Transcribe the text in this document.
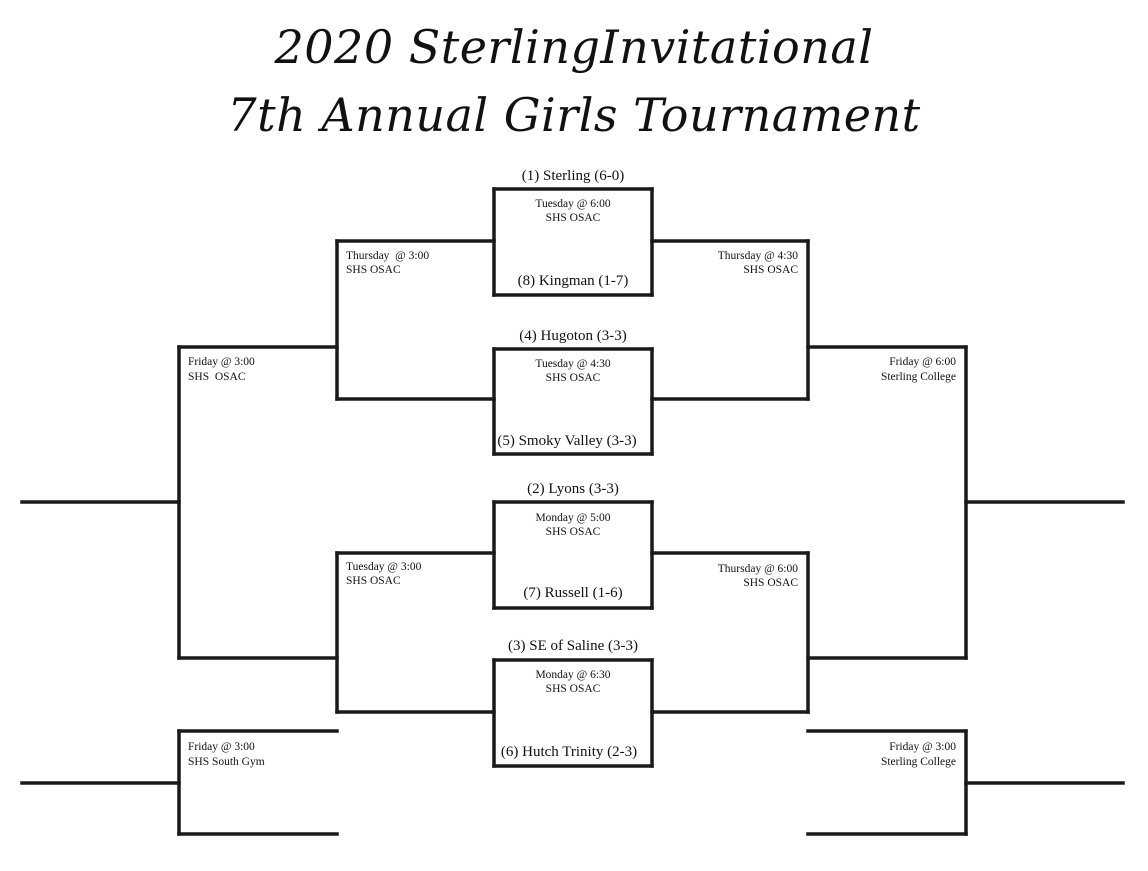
2020 SterlingInvitational
7th Annual Girls Tournament
(1) Sterling (6-0)
Tuesday @ 6:00
SHS OSAC
(8) Kingman (1-7)
(4) Hugoton (3-3)
Tuesday @ 4:30
SHS OSAC
(5) Smoky Valley (3-3)
(2) Lyons (3-3)
Monday @ 5:00
SHS OSAC
(7) Russell (1-6)
(3) SE of Saline (3-3)
Monday @ 6:30
SHS OSAC
(6) Hutch Trinity (2-3)
Thursday  @ 3:00
SHS OSAC
Tuesday @ 3:00
SHS OSAC
Thursday @ 4:30
SHS OSAC
Thursday @ 6:00
SHS OSAC
Friday @ 3:00
SHS  OSAC
Friday @ 6:00
Sterling College
Friday @ 3:00
SHS South Gym
Friday @ 3:00
Sterling College
